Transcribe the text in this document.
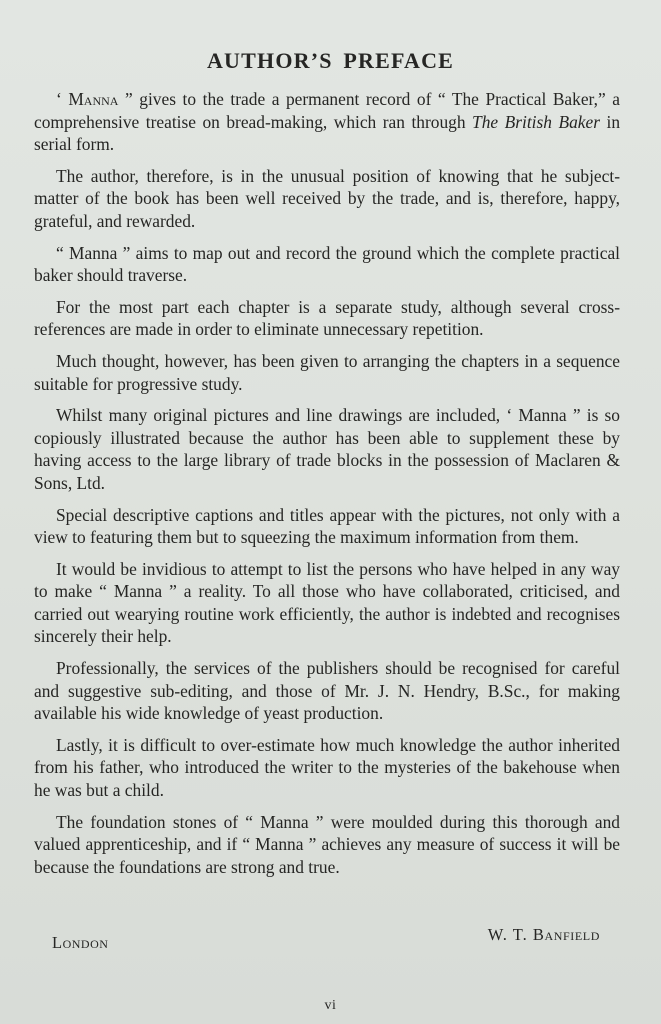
AUTHOR’S PREFACE

‘ Manna ” gives to the trade a permanent record of “ The Practical Baker,” a comprehensive treatise on bread-making, which ran through The British Baker in serial form.

The author, therefore, is in the unusual position of knowing that he subject-matter of the book has been well received by the trade, and is, therefore, happy, grateful, and rewarded.

“ Manna ” aims to map out and record the ground which the complete practical baker should traverse.

For the most part each chapter is a separate study, although several cross-references are made in order to eliminate unnecessary repetition.

Much thought, however, has been given to arranging the chapters in a sequence suitable for progressive study.

Whilst many original pictures and line drawings are included, ‘ Manna ” is so copiously illustrated because the author has been able to supplement these by having access to the large library of trade blocks in the possession of Maclaren & Sons, Ltd.

Special descriptive captions and titles appear with the pictures, not only with a view to featuring them but to squeezing the maximum information from them.

It would be invidious to attempt to list the persons who have helped in any way to make “ Manna ” a reality. To all those who have collaborated, criticised, and carried out wearying routine work efficiently, the author is indebted and recognises sincerely their help.

Professionally, the services of the publishers should be recognised for careful and suggestive sub-editing, and those of Mr. J. N. Hendry, B.Sc., for making available his wide knowledge of yeast production.

Lastly, it is difficult to over-estimate how much knowledge the author inherited from his father, who introduced the writer to the mysteries of the bakehouse when he was but a child.

The foundation stones of “ Manna ” were moulded during this thorough and valued apprenticeship, and if “ Manna ” achieves any measure of success it will be because the foundations are strong and true.

London	W. T. Banfield
vi
